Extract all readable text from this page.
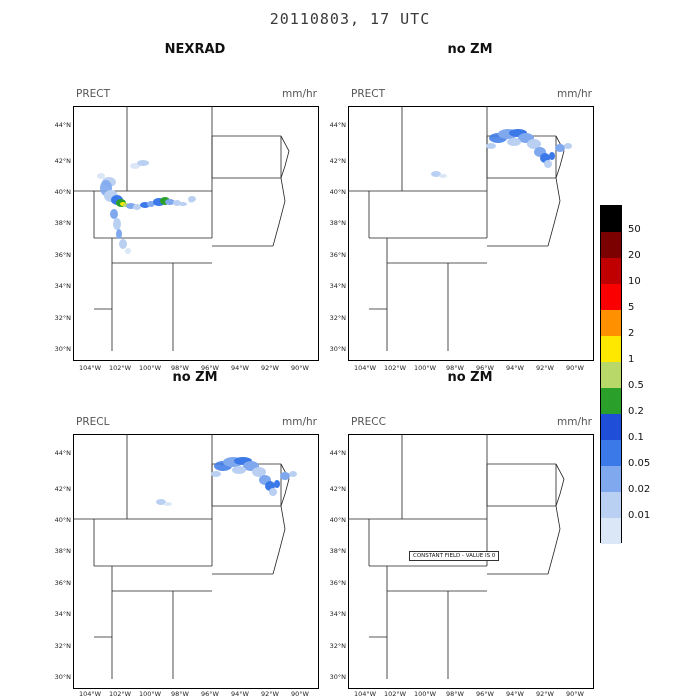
20110803, 17 UTC
NEXRAD	no ZM
no ZM	no ZM
PRECT	mm/hr
44°N
42°N
40°N
38°N
36°N
34°N
32°N
30°N
104°W	102°W	100°W	98°W	96°W	94°W	92°W	90°W
PRECT	mm/hr
44°N
42°N
40°N
38°N
36°N
34°N
32°N
30°N
104°W	102°W	100°W	98°W	96°W	94°W	92°W	90°W
PRECL	mm/hr
44°N
42°N
40°N
38°N
36°N
34°N
32°N
30°N
104°W	102°W	100°W	98°W	96°W	94°W	92°W	90°W
PRECC	mm/hr
CONSTANT FIELD - VALUE IS 0
44°N
42°N
40°N
38°N
36°N
34°N
32°N
30°N
104°W	102°W	100°W	98°W	96°W	94°W	92°W	90°W
50
20
10
5
2
1
0.5
0.2
0.1
0.05
0.02
0.01
